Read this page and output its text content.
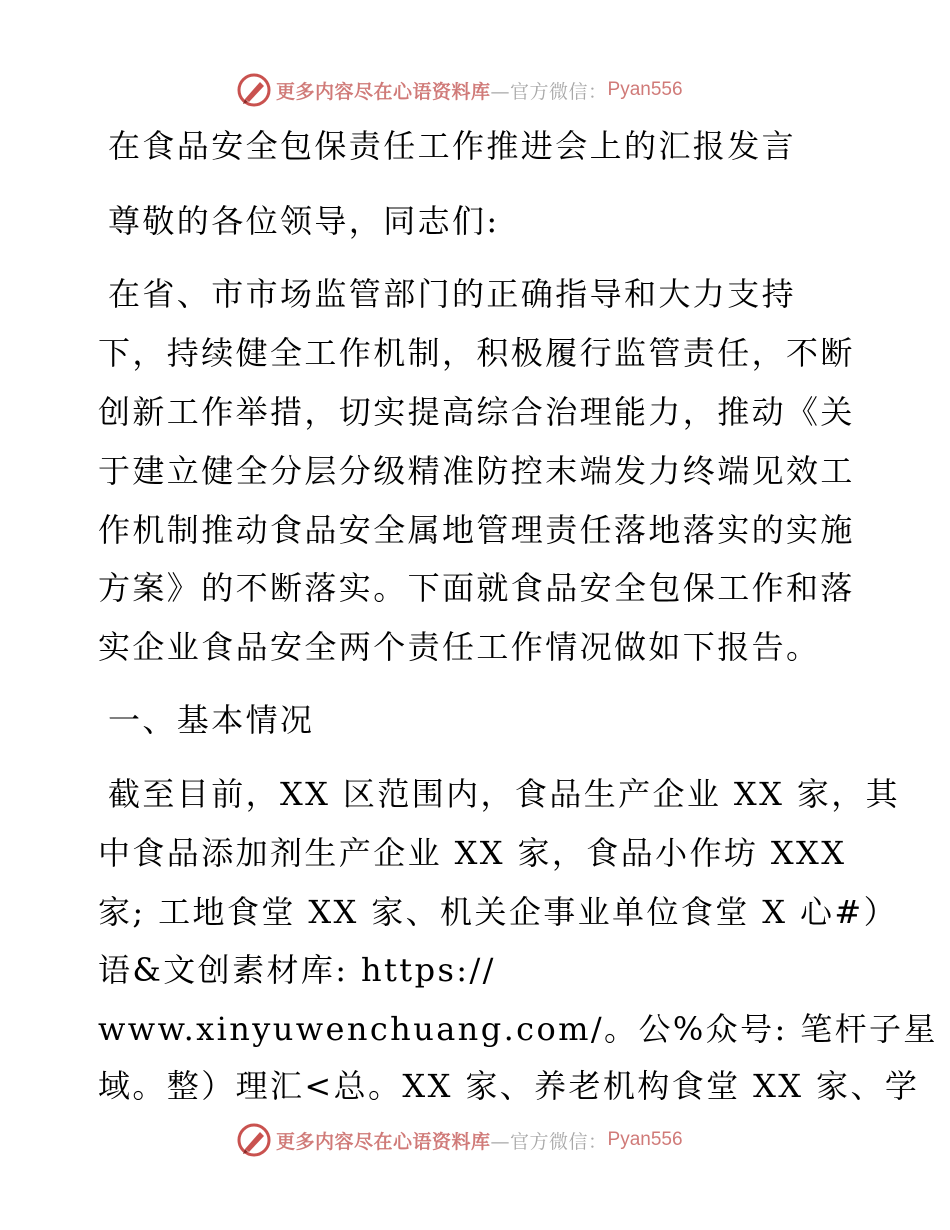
更多内容尽在心语资料库 —官方微信： Pyan556
在食品安全包保责任工作推进会上的汇报发言
尊敬的各位领导，同志们:
在省、市市场监管部门的正确指导和大力支持
下，持续健全工作机制，积极履行监管责任，不断
创新工作举措，切实提高综合治理能力，推动《关
于建立健全分层分级精准防控末端发力终端见效工
作机制推动食品安全属地管理责任落地落实的实施
方案》的不断落实。下面就食品安全包保工作和落
实企业食品安全两个责任工作情况做如下报告。
一、基本情况
截至目前，XX 区范围内，食品生产企业 XX 家，其
中食品添加剂生产企业 XX 家，食品小作坊 XXX
家; 工地食堂 XX 家、机关企事业单位食堂 X 心#）
语&文创素材库: https://
www.xinyuwenchuang.com/。公%众号: 笔杆子星
域。整）理汇<总。XX 家、养老机构食堂 XX 家、学
更多内容尽在心语资料库 —官方微信： Pyan556
